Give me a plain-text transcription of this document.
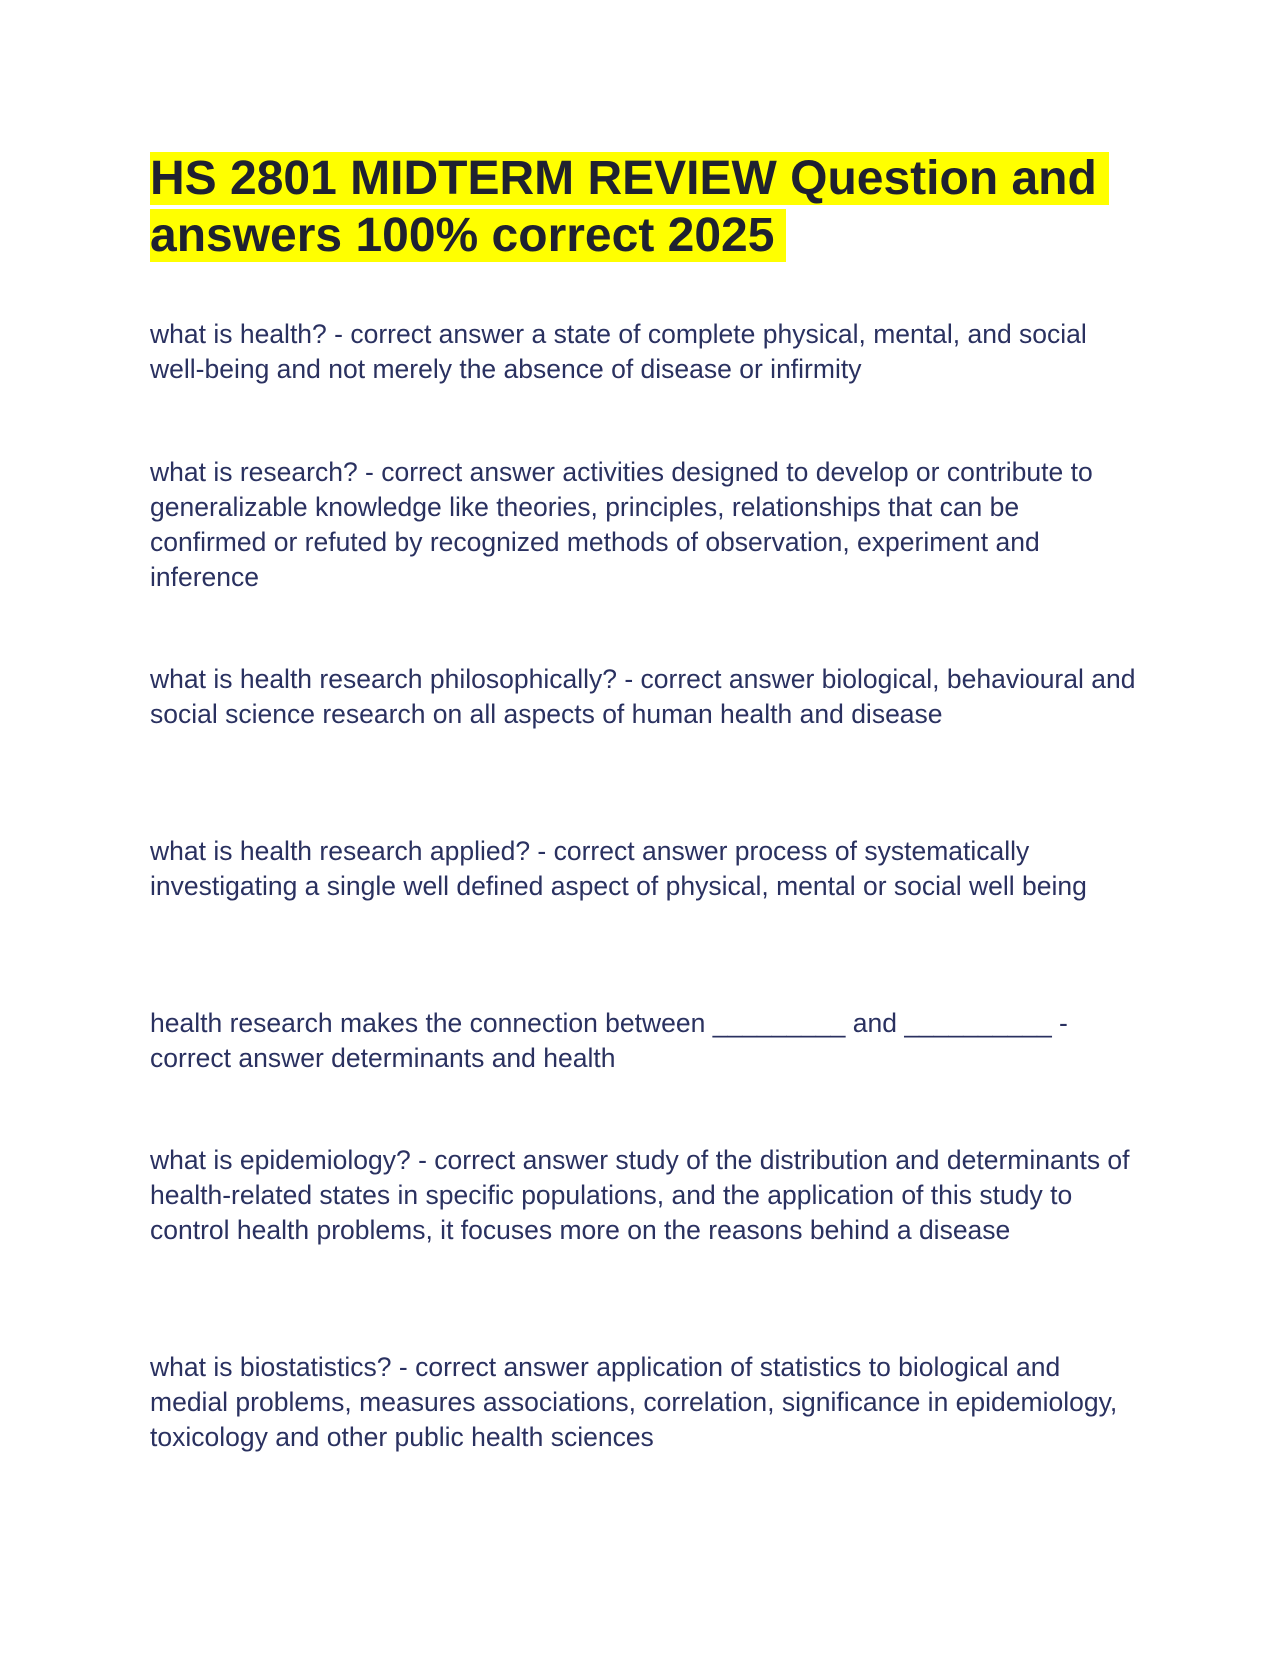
HS 2801 MIDTERM REVIEW Question and answers 100% correct 2025

what is health? - correct answer a state of complete physical, mental, and social well-being and not merely the absence of disease or infirmity

what is research? - correct answer activities designed to develop or contribute to generalizable knowledge like theories, principles, relationships that can be confirmed or refuted by recognized methods of observation, experiment and inference

what is health research philosophically? - correct answer biological, behavioural and social science research on all aspects of human health and disease

what is health research applied? - correct answer process of systematically investigating a single well defined aspect of physical, mental or social well being

health research makes the connection between _________ and __________ - correct answer determinants and health

what is epidemiology? - correct answer study of the distribution and determinants of health-related states in specific populations, and the application of this study to control health problems, it focuses more on the reasons behind a disease

what is biostatistics? - correct answer application of statistics to biological and medial problems, measures associations, correlation, significance in epidemiology, toxicology and other public health sciences
